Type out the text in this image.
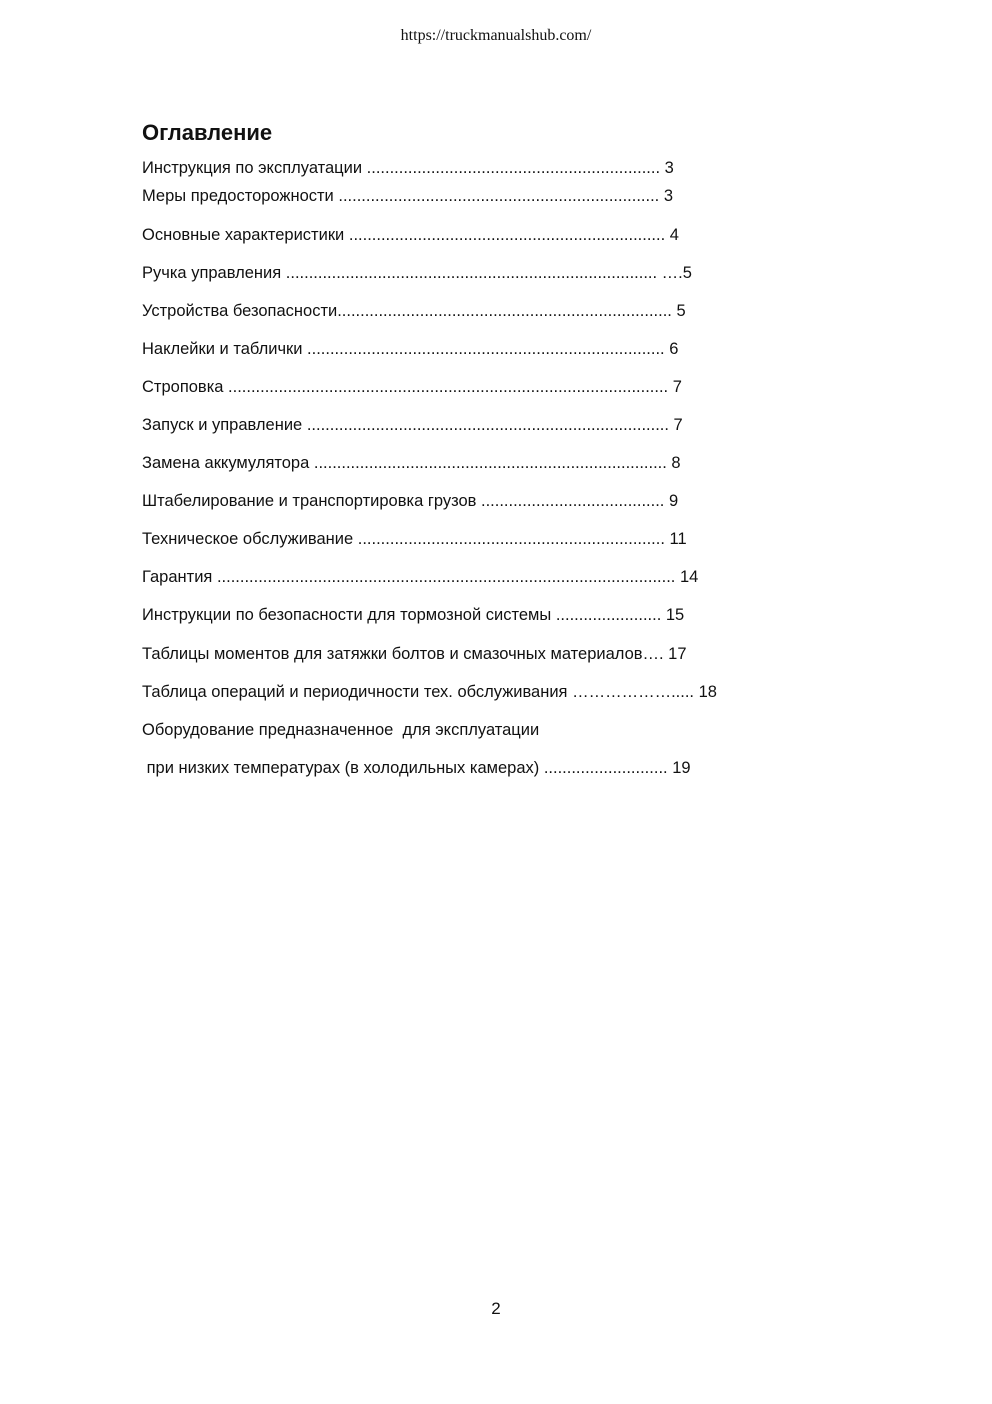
https://truckmanualshub.com/
Оглавление
Инструкция по эксплуатации ................................................................ 3
Меры предосторожности ...................................................................... 3
Основные характеристики ..................................................................... 4
Ручка управления ................................................................................. ….5
Устройства безопасности......................................................................... 5
Наклейки и таблички .............................................................................. 6
Строповка ................................................................................................ 7
Запуск и управление ............................................................................... 7
Замена аккумулятора ............................................................................. 8
Штабелирование и транспортировка грузов ........................................ 9
Техническое обслуживание ................................................................... 11
Гарантия .................................................................................................... 14
Инструкции по безопасности для тормозной системы ....................... 15
Таблицы моментов для затяжки болтов и смазочных материалов…. 17
Таблица операций и периодичности тех. обслуживания ………………..... 18
Оборудование предназначенное  для эксплуатации
при низких температурах (в холодильных камерах) ........................... 19
2
